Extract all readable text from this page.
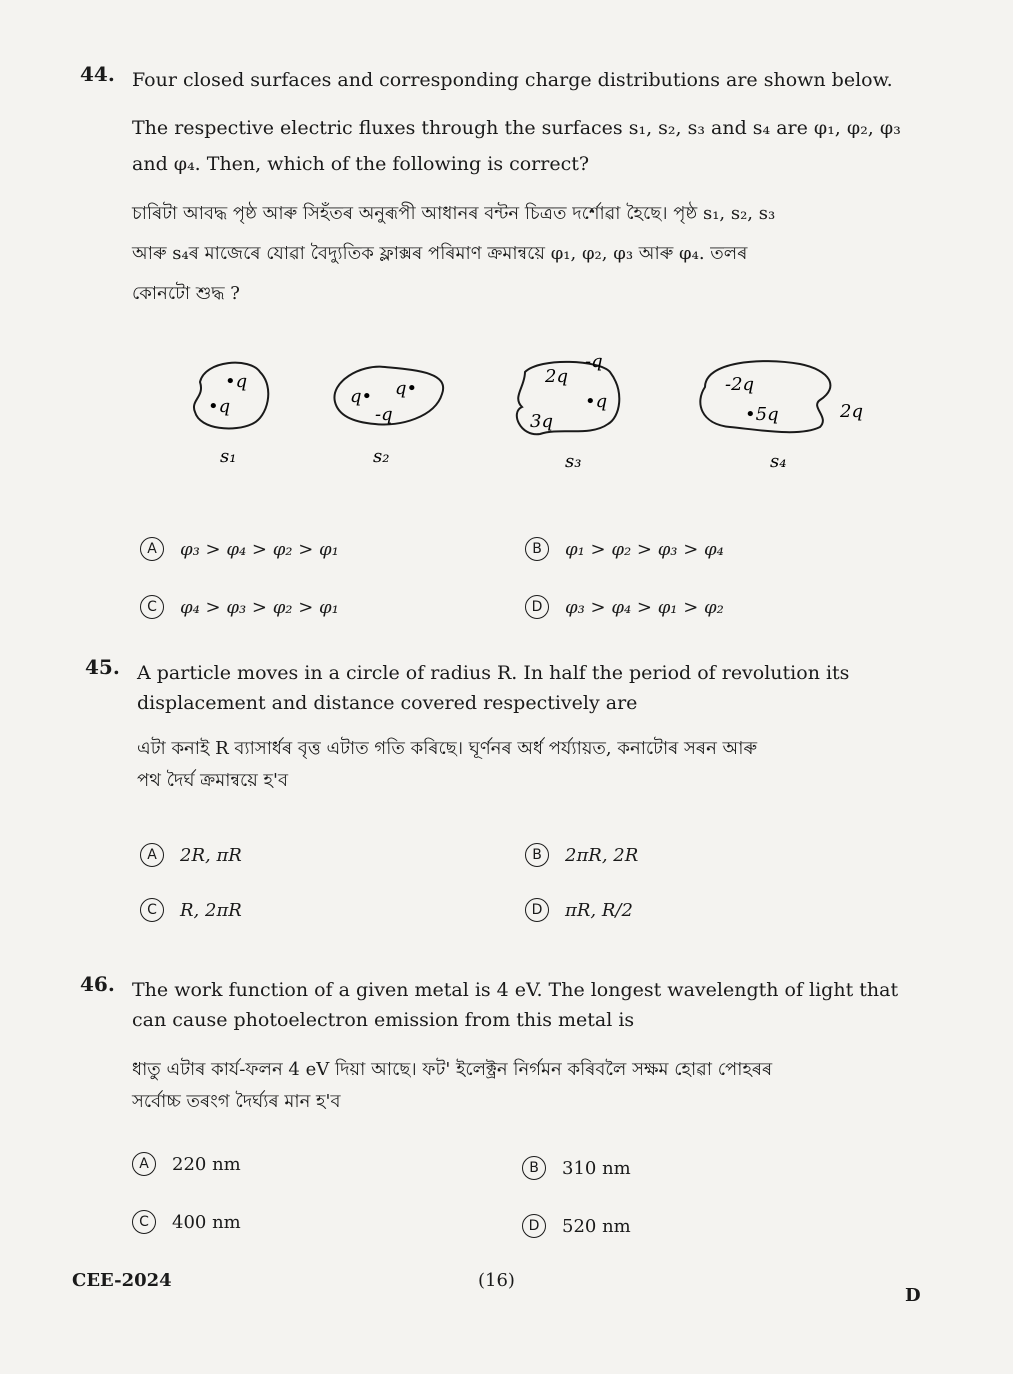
44. Four closed surfaces and corresponding charge distributions are shown below.

The respective electric fluxes through the surfaces s₁, s₂, s₃ and s₄ are φ₁, φ₂, φ₃

and φ₄. Then, which of the following is correct?

চাৰিটা আবদ্ধ পৃষ্ঠ আৰু সিহঁতৰ অনুৰূপী আধানৰ বন্টন চিত্ৰত দৰ্শোৱা হৈছে। পৃষ্ঠ s₁, s₂, s₃

আৰু s₄ৰ মাজেৰে যোৱা বৈদ্যুতিক ফ্লাক্সৰ পৰিমাণ ক্ৰমান্বয়ে φ₁, φ₂, φ₃ আৰু φ₄. তলৰ

কোনটো শুদ্ধ ?

•q
•q
s₁
q• q•
-q
s₂
2q
•q
3q
-q
s₃
-2q
•5q	2q
s₄
A	φ₃ > φ₄ > φ₂ > φ₁	B	φ₁ > φ₂ > φ₃ > φ₄
C	φ₄ > φ₃ > φ₂ > φ₁	D	φ₃ > φ₄ > φ₁ > φ₂
45. A particle moves in a circle of radius R. In half the period of revolution its

displacement and distance covered respectively are

এটা কনাই R ব্যাসাৰ্ধৰ বৃত্ত এটাত গতি কৰিছে। ঘূৰ্ণনৰ অৰ্ধ পৰ্য্যায়ত, কনাটোৰ সৰন আৰু

পথ দৈৰ্ঘ ক্ৰমান্বয়ে হ'ব

A	2R, πR	B	2πR, 2R
C	R, 2πR	D	πR, R/2
46. The work function of a given metal is 4 eV. The longest wavelength of light that

can cause photoelectron emission from this metal is

ধাতু এটাৰ কাৰ্য-ফলন 4 eV দিয়া আছে। ফট' ইলেক্ট্ৰন নিৰ্গমন কৰিবলৈ সক্ষম হোৱা পোহৰৰ

সৰ্বোচ্চ তৰংগ দৈৰ্ঘ্যৰ মান হ'ব

A	220 nm	B	310 nm
C	400 nm	D	520 nm
CEE-2024	(16)
D
